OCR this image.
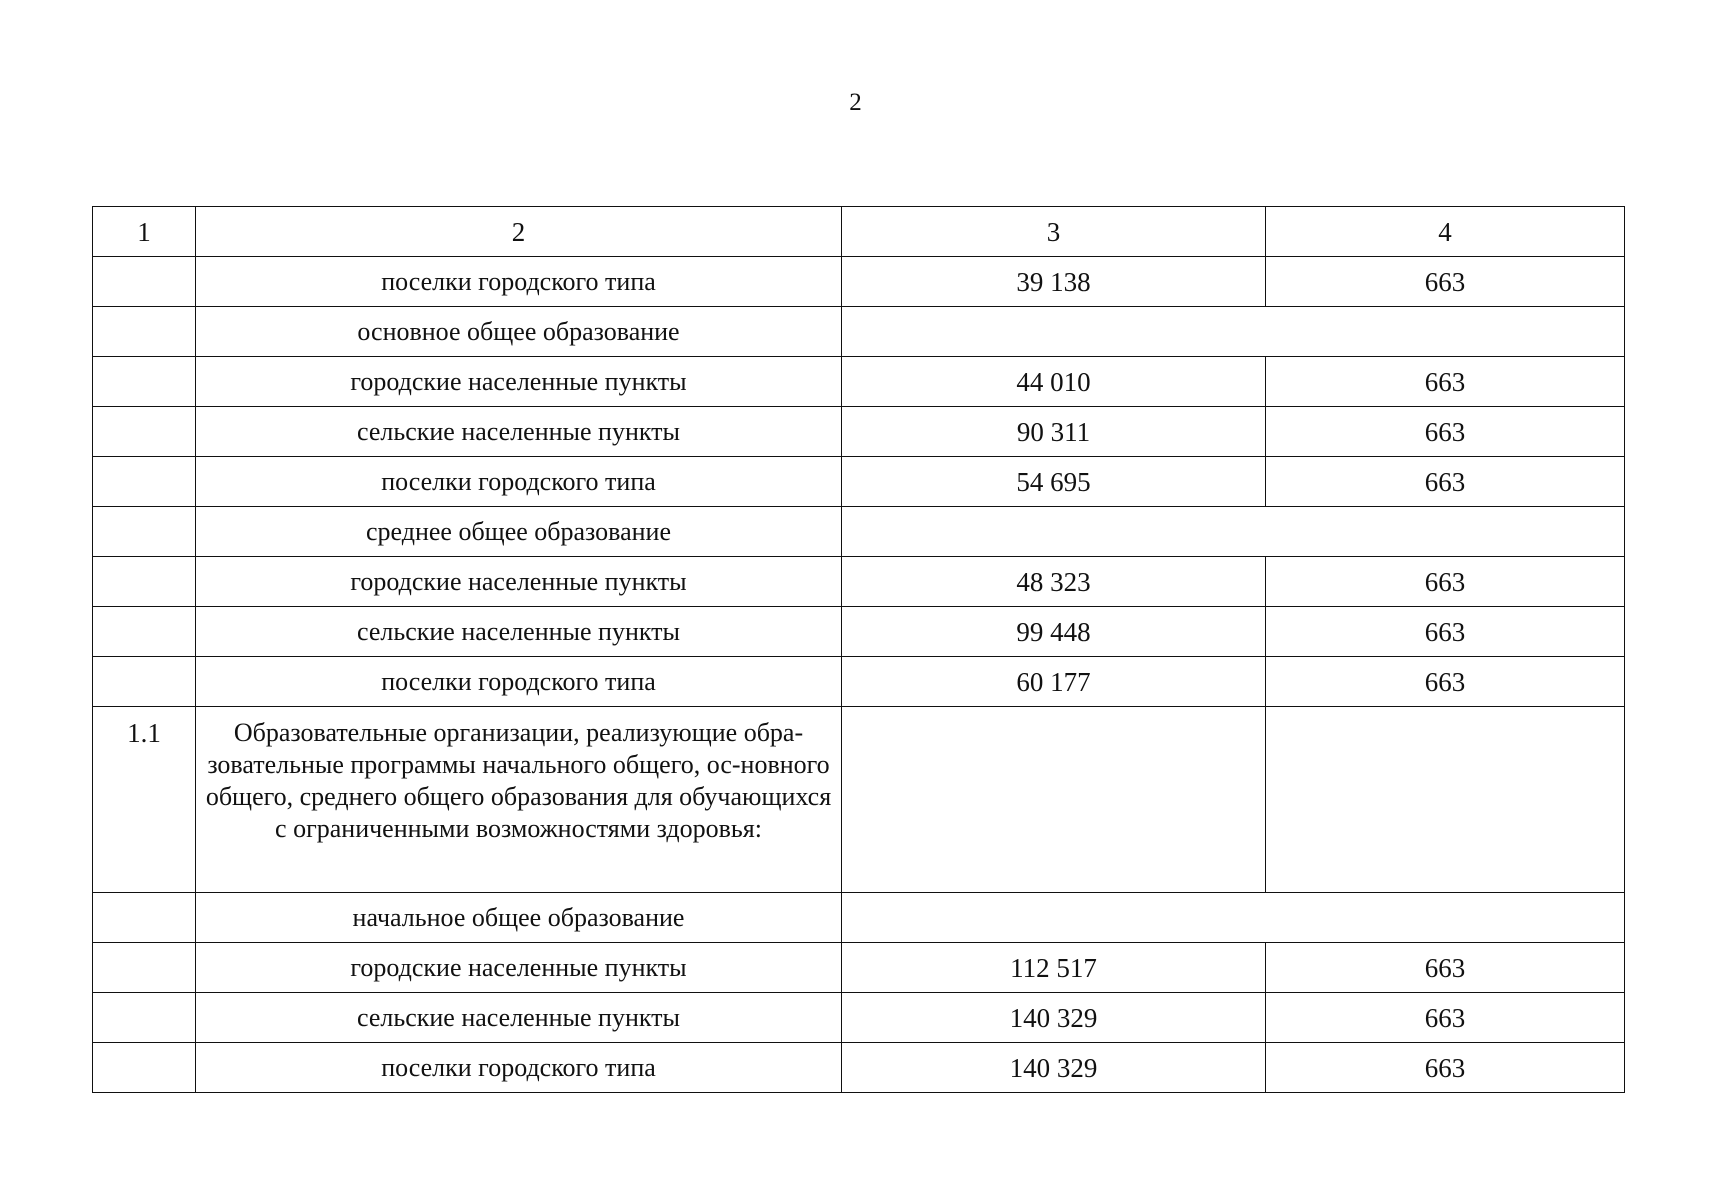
2
1	2	3	4
	поселки городского типа	39 138	663
	основное общее образование		
	городские населенные пункты	44 010	663
	сельские населенные пункты	90 311	663
	поселки городского типа	54 695	663
	среднее общее образование		
	городские населенные пункты	48 323	663
	сельские населенные пункты	99 448	663
	поселки городского типа	60 177	663
1.1	Образовательные организации, реализующие обра-зовательные программы начального общего, ос-новного общего, среднего общего образования для обучающихся с ограниченными возможностями здоровья:		
	начальное общее образование		
	городские населенные пункты	112 517	663
	сельские населенные пункты	140 329	663
	поселки городского типа	140 329	663
